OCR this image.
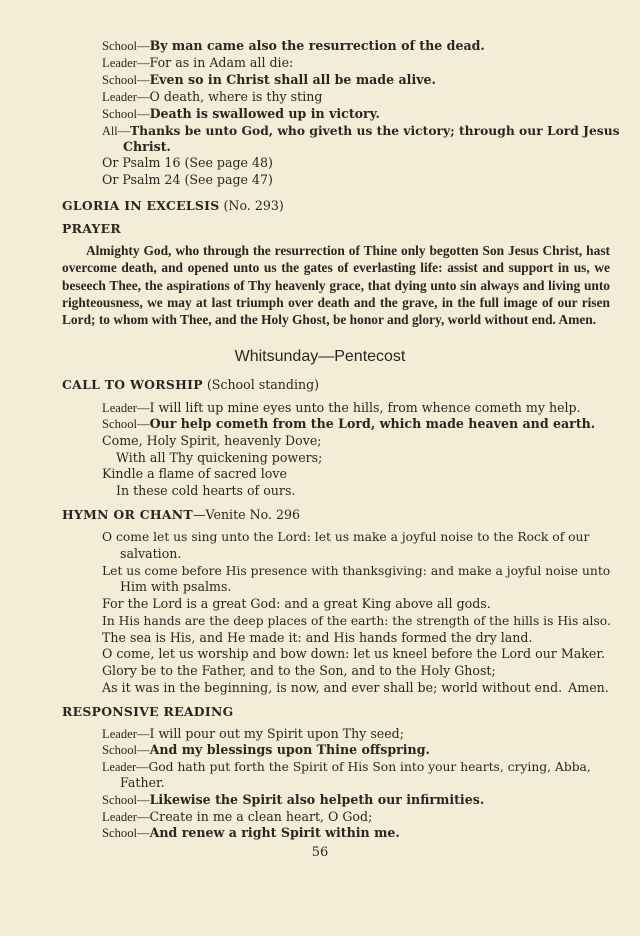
School—By man came also the resurrection of the dead.
Leader—For as in Adam all die:
School—Even so in Christ shall all be made alive.
Leader—O death, where is thy sting
School—Death is swallowed up in victory.
All—Thanks be unto God, who giveth us the victory; through our Lord Jesus
Christ.
Or Psalm 16 (See page 48)
Or Psalm 24 (See page 47)
GLORIA IN EXCELSIS (No. 293)
PRAYER
Almighty God, who through the resurrection of Thine only begotten Son Jesus Christ, hast overcome death, and opened unto us the gates of everlasting life: assist and support in us, we beseech Thee, the aspirations of Thy heavenly grace, that dying unto sin always and living unto righteousness, we may at last triumph over death and the grave, in the full image of our risen Lord; to whom with Thee, and the Holy Ghost, be honor and glory, world without end. Amen.
Whitsunday—Pentecost
CALL TO WORSHIP (School standing)
Leader—I will lift up mine eyes unto the hills, from whence cometh my help.
School—Our help cometh from the Lord, which made heaven and earth.
Come, Holy Spirit, heavenly Dove;
With all Thy quickening powers;
Kindle a flame of sacred love
In these cold hearts of ours.
HYMN OR CHANT—Venite No. 296
O come let us sing unto the Lord: let us make a joyful noise to the Rock of our
salvation.
Let us come before His presence with thanksgiving: and make a joyful noise unto
Him with psalms.
For the Lord is a great God: and a great King above all gods.
In His hands are the deep places of the earth: the strength of the hills is His also.
The sea is His, and He made it: and His hands formed the dry land.
O come, let us worship and bow down: let us kneel before the Lord our Maker.
Glory be to the Father, and to the Son, and to the Holy Ghost;
As it was in the beginning, is now, and ever shall be; world without end. Amen.
RESPONSIVE READING
Leader—I will pour out my Spirit upon Thy seed;
School—And my blessings upon Thine offspring.
Leader—God hath put forth the Spirit of His Son into your hearts, crying, Abba,
Father.
School—Likewise the Spirit also helpeth our infirmities.
Leader—Create in me a clean heart, O God;
School—And renew a right Spirit within me.
56
